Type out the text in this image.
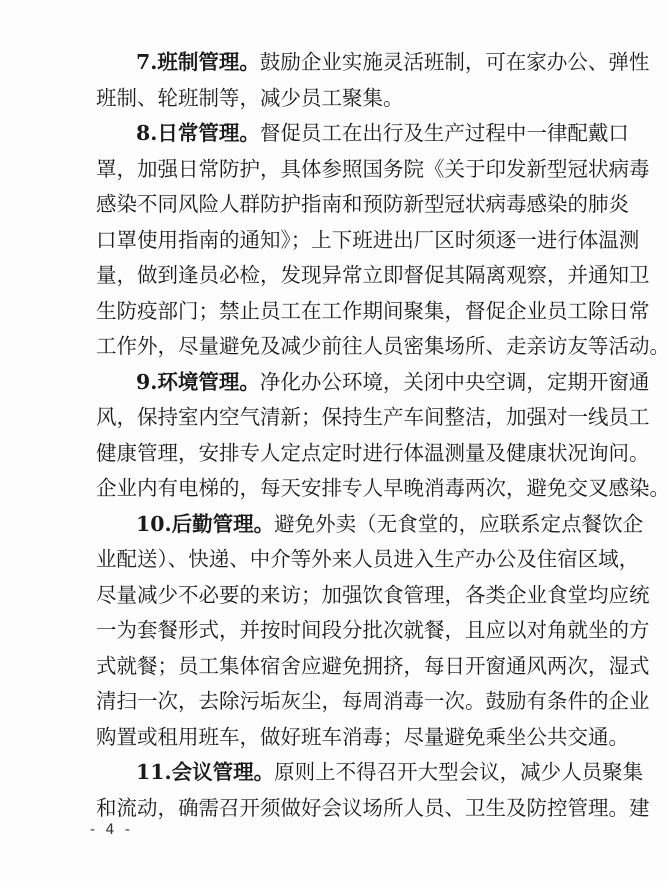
7.班制管理。鼓励企业实施灵活班制，可在家办公、弹性
班制、轮班制等，减少员工聚集。
8.日常管理。督促员工在出行及生产过程中一律配戴口
罩，加强日常防护，具体参照国务院《关于印发新型冠状病毒
感染不同风险人群防护指南和预防新型冠状病毒感染的肺炎
口罩使用指南的通知》；上下班进出厂区时须逐一进行体温测
量，做到逢员必检，发现异常立即督促其隔离观察，并通知卫
生防疫部门；禁止员工在工作期间聚集，督促企业员工除日常
工作外，尽量避免及减少前往人员密集场所、走亲访友等活动。
9.环境管理。净化办公环境，关闭中央空调，定期开窗通
风，保持室内空气清新；保持生产车间整洁，加强对一线员工
健康管理，安排专人定点定时进行体温测量及健康状况询问。
企业内有电梯的，每天安排专人早晚消毒两次，避免交叉感染。
10.后勤管理。避免外卖（无食堂的，应联系定点餐饮企
业配送）、快递、中介等外来人员进入生产办公及住宿区域，
尽量减少不必要的来访；加强饮食管理，各类企业食堂均应统
一为套餐形式，并按时间段分批次就餐，且应以对角就坐的方
式就餐；员工集体宿舍应避免拥挤，每日开窗通风两次，湿式
清扫一次，去除污垢灰尘，每周消毒一次。鼓励有条件的企业
购置或租用班车，做好班车消毒；尽量避免乘坐公共交通。
11.会议管理。原则上不得召开大型会议，减少人员聚集
和流动，确需召开须做好会议场所人员、卫生及防控管理。建
- 4 -
